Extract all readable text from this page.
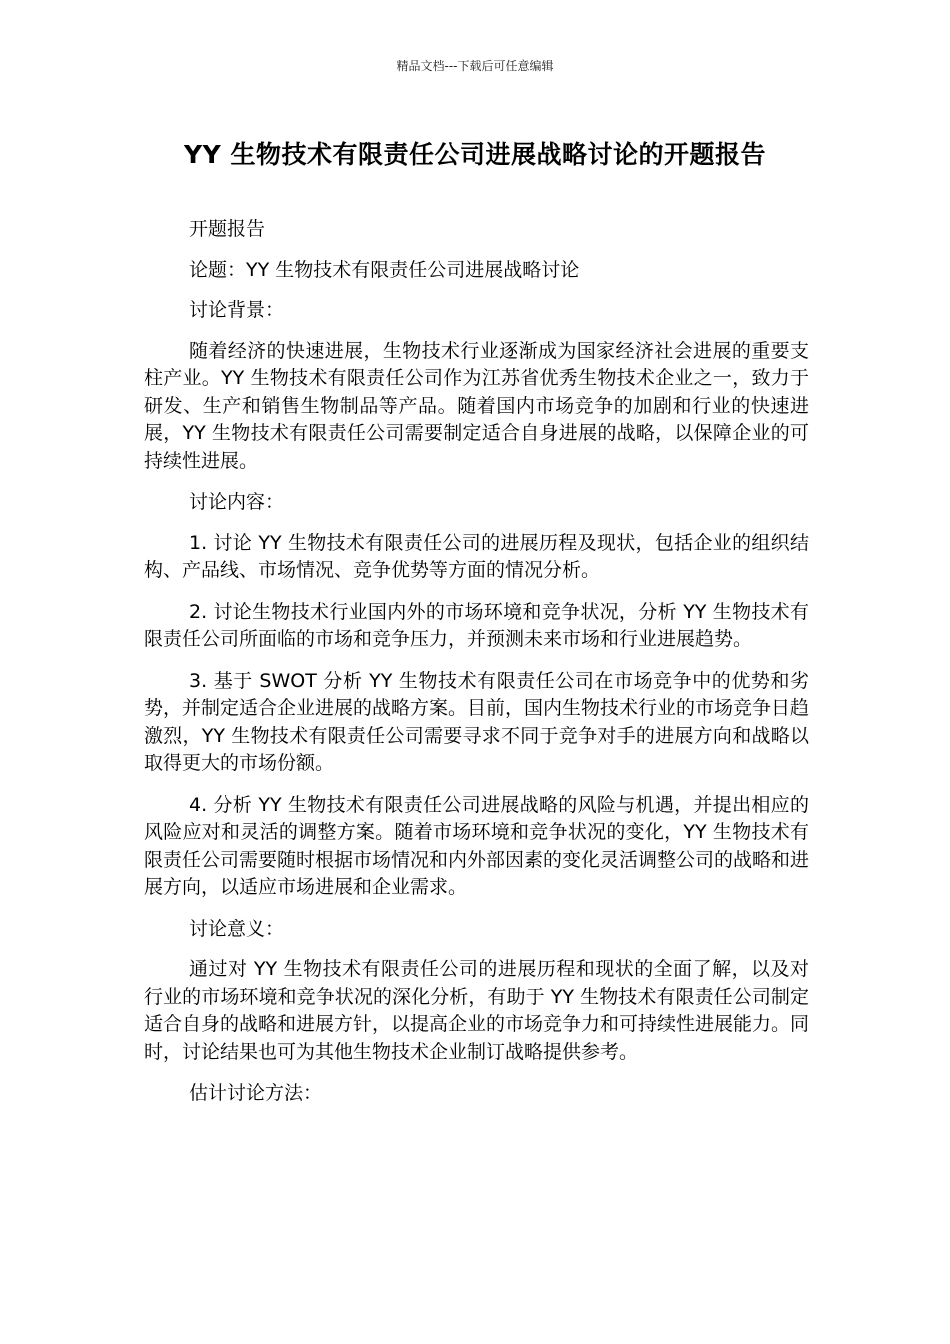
精品文档---下载后可任意编辑
YY 生物技术有限责任公司进展战略讨论的开题报告

开题报告

论题：YY 生物技术有限责任公司进展战略讨论

讨论背景：

随着经济的快速进展，生物技术行业逐渐成为国家经济社会进展的重要支柱产业。YY 生物技术有限责任公司作为江苏省优秀生物技术企业之一，致力于研发、生产和销售生物制品等产品。随着国内市场竞争的加剧和行业的快速进展，YY 生物技术有限责任公司需要制定适合自身进展的战略，以保障企业的可持续性进展。

讨论内容：

1. 讨论 YY 生物技术有限责任公司的进展历程及现状，包括企业的组织结构、产品线、市场情况、竞争优势等方面的情况分析。

2. 讨论生物技术行业国内外的市场环境和竞争状况，分析 YY 生物技术有限责任公司所面临的市场和竞争压力，并预测未来市场和行业进展趋势。

3. 基于 SWOT 分析 YY 生物技术有限责任公司在市场竞争中的优势和劣势，并制定适合企业进展的战略方案。目前，国内生物技术行业的市场竞争日趋激烈，YY 生物技术有限责任公司需要寻求不同于竞争对手的进展方向和战略以取得更大的市场份额。

4. 分析 YY 生物技术有限责任公司进展战略的风险与机遇，并提出相应的风险应对和灵活的调整方案。随着市场环境和竞争状况的变化，YY 生物技术有限责任公司需要随时根据市场情况和内外部因素的变化灵活调整公司的战略和进展方向，以适应市场进展和企业需求。

讨论意义：

通过对 YY 生物技术有限责任公司的进展历程和现状的全面了解，以及对行业的市场环境和竞争状况的深化分析，有助于 YY 生物技术有限责任公司制定适合自身的战略和进展方针，以提高企业的市场竞争力和可持续性进展能力。同时，讨论结果也可为其他生物技术企业制订战略提供参考。

估计讨论方法：
